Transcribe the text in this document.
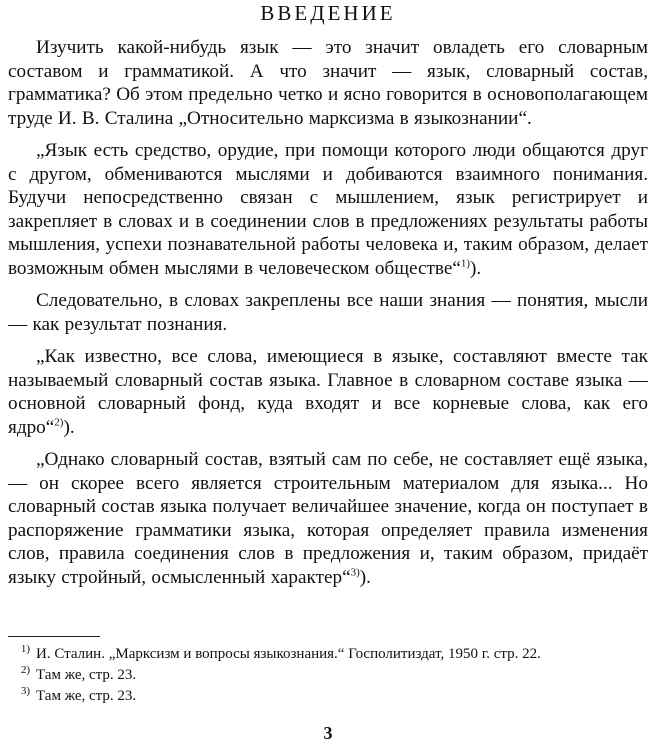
ВВЕДЕНИЕ

Изучить какой-нибудь язык — это значит овладеть его словарным составом и грамматикой. А что значит — язык, словарный состав, грамматика? Об этом предельно четко и ясно говорится в основополагающем труде И. В. Сталина „Относительно марксизма в языкознании“.

„Язык есть средство, орудие, при помощи которого люди общаются друг с другом, обмениваются мыслями и добиваются взаимного понимания. Будучи непосредственно связан с мышлением, язык регистрирует и закрепляет в словах и в соединении слов в предложениях результаты работы мышления, успехи познавательной работы человека и, таким образом, делает возможным обмен мыслями в человеческом обществе“$^{1)}$).

Следовательно, в словах закреплены все наши знания — понятия, мысли — как результат познания.

„Как известно, все слова, имеющиеся в языке, составляют вместе так называемый словарный состав языка. Главное в словарном составе языка — основной словарный фонд, куда входят и все корневые слова, как его ядро“$^{2)}$).

„Однако словарный состав, взятый сам по себе, не составляет ещё языка, — он скорее всего является строительным материалом для языка... Но словарный состав языка получает величайшее значение, когда он поступает в распоряжение грамматики языка, которая определяет правила изменения слов, правила соединения слов в предложения и, таким образом, придаёт языку стройный, осмысленный характер“$^{3)}$).

$^{1)}$ И. Сталин. „Марксизм и вопросы языкознания.“ Госполитиздат, 1950 г. стр. 22.

$^{2)}$ Там же, стр. 23.

$^{3)}$ Там же, стр. 23.

3
